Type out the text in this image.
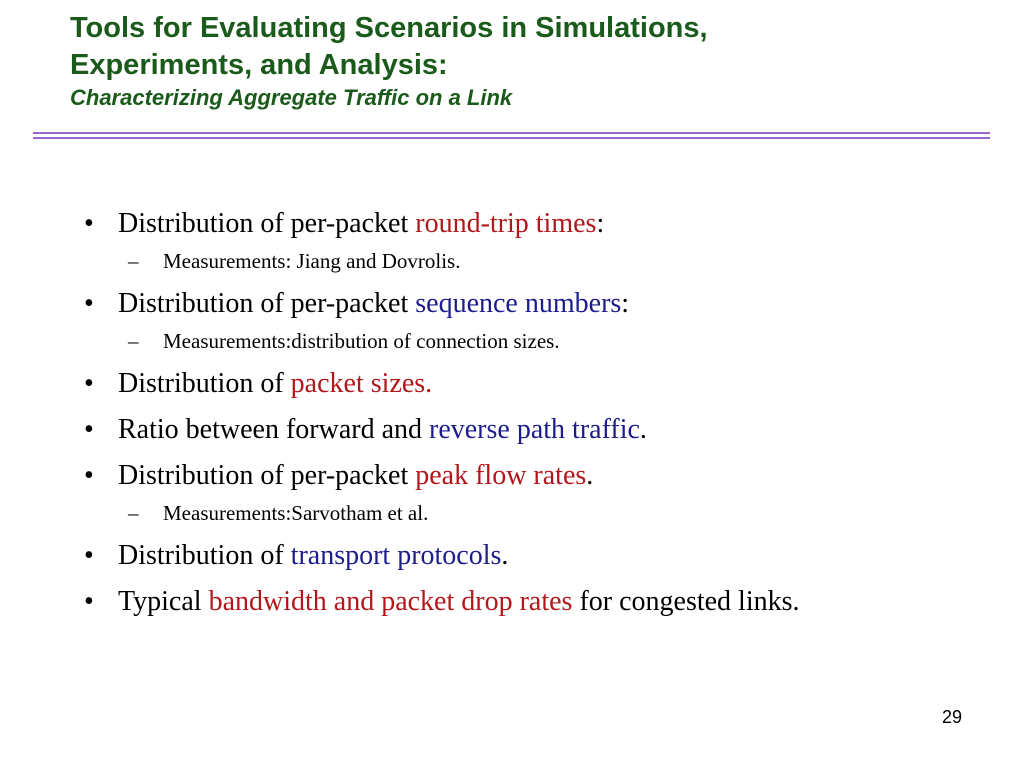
Tools for Evaluating Scenarios in Simulations,

Experiments, and Analysis:

Characterizing Aggregate Traffic on a Link

• Distribution of per-packet round-trip times:

– Measurements: Jiang and Dovrolis.

• Distribution of per-packet sequence numbers:

– Measurements:distribution of connection sizes.

• Distribution of packet sizes.

• Ratio between forward and reverse path traffic.

• Distribution of per-packet peak flow rates.

– Measurements:Sarvotham et al.

• Distribution of transport protocols.

• Typical bandwidth and packet drop rates for congested links.

29
